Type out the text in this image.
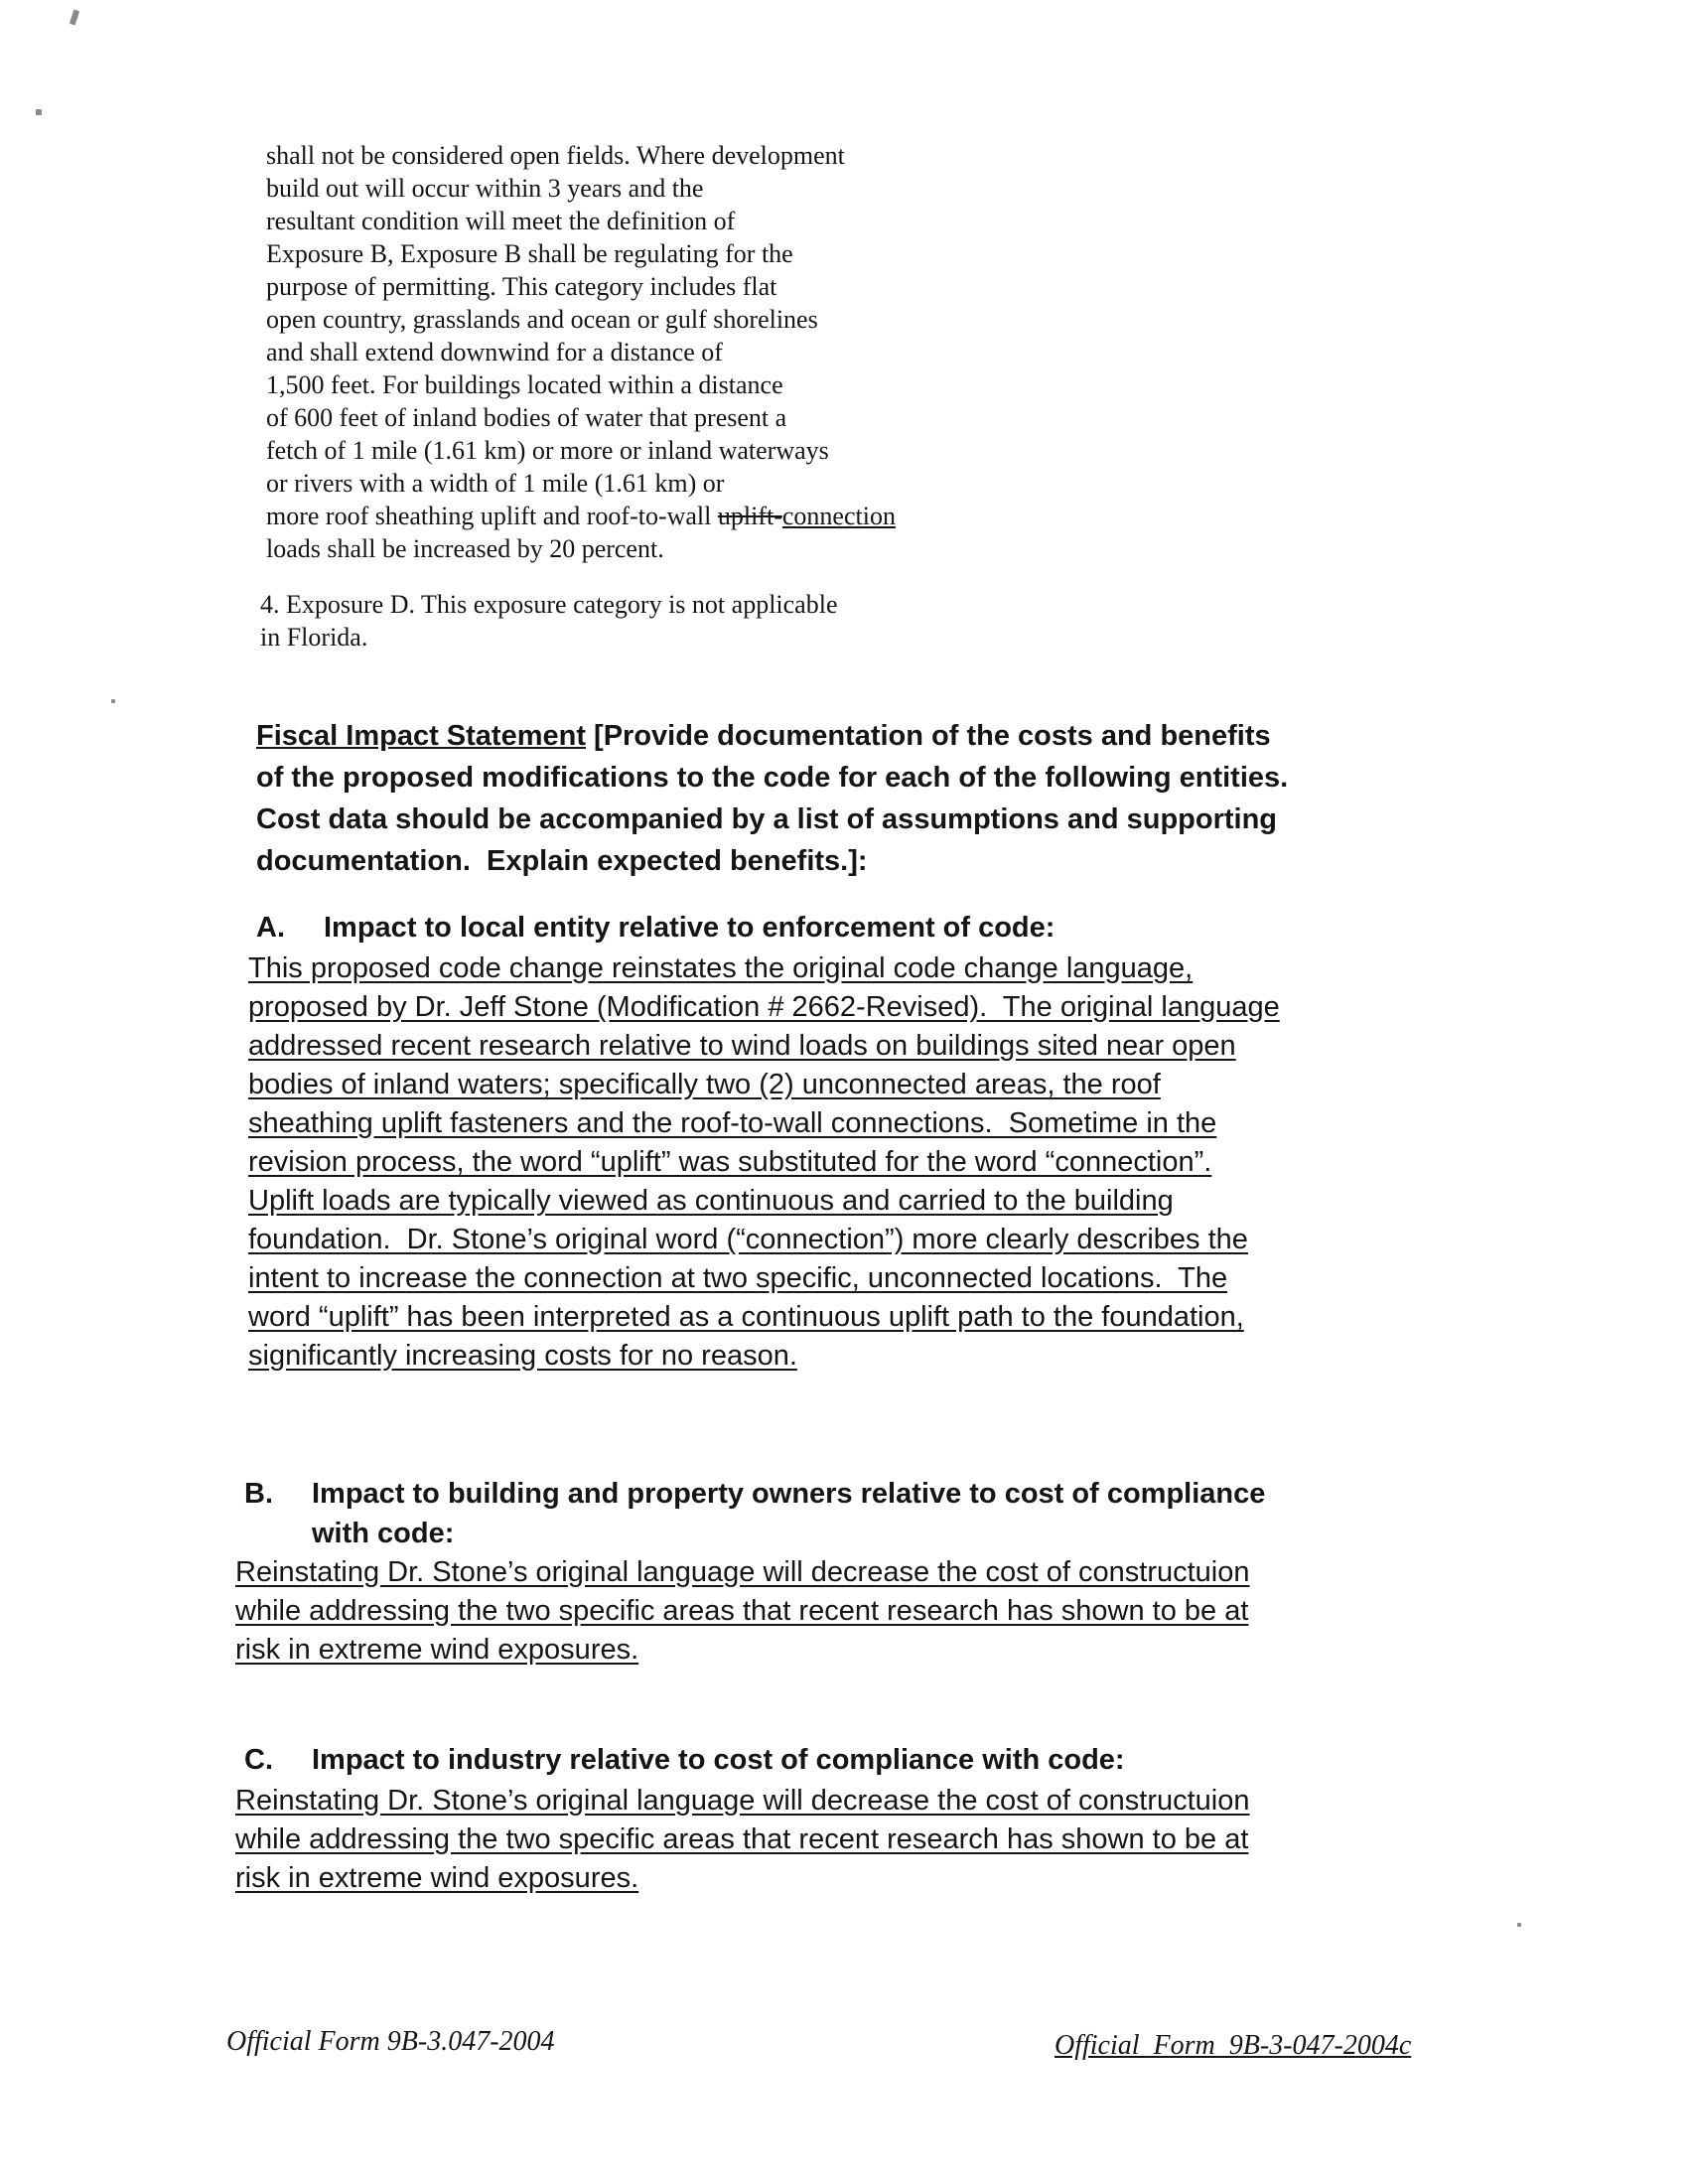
shall not be considered open fields. Where development
build out will occur within 3 years and the
resultant condition will meet the definition of
Exposure B, Exposure B shall be regulating for the
purpose of permitting. This category includes flat
open country, grasslands and ocean or gulf shorelines
and shall extend downwind for a distance of
1,500 feet. For buildings located within a distance
of 600 feet of inland bodies of water that present a
fetch of 1 mile (1.61 km) or more or inland waterways
or rivers with a width of 1 mile (1.61 km) or
more roof sheathing uplift and roof-to-wall uplift-connection
loads shall be increased by 20 percent.
4. Exposure D. This exposure category is not applicable
in Florida.
Fiscal Impact Statement [Provide documentation of the costs and benefits
of the proposed modifications to the code for each of the following entities.
Cost data should be accompanied by a list of assumptions and supporting
documentation.  Explain expected benefits.]:
A.	Impact to local entity relative to enforcement of code:
This proposed code change reinstates the original code change language,
proposed by Dr. Jeff Stone (Modification # 2662-Revised).  The original language
addressed recent research relative to wind loads on buildings sited near open
bodies of inland waters; specifically two (2) unconnected areas, the roof
sheathing uplift fasteners and the roof-to-wall connections.  Sometime in the
revision process, the word “uplift” was substituted for the word “connection”.
Uplift loads are typically viewed as continuous and carried to the building
foundation.  Dr. Stone’s original word (“connection”) more clearly describes the
intent to increase the connection at two specific, unconnected locations.  The
word “uplift” has been interpreted as a continuous uplift path to the foundation,
significantly increasing costs for no reason.
B.	Impact to building and property owners relative to cost of compliance
with code:
Reinstating Dr. Stone’s original language will decrease the cost of constructuion
while addressing the two specific areas that recent research has shown to be at
risk in extreme wind exposures.
C.	Impact to industry relative to cost of compliance with code:
Reinstating Dr. Stone’s original language will decrease the cost of constructuion
while addressing the two specific areas that recent research has shown to be at
risk in extreme wind exposures.
Official Form 9B-3.047-2004	Official_Form_9B-3-047-2004c
